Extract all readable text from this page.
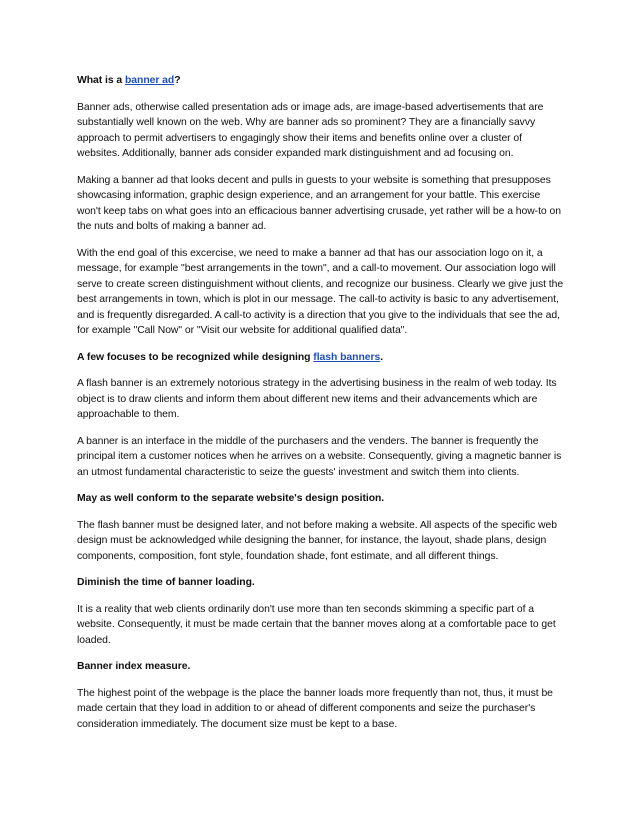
What is a banner ad?

Banner ads, otherwise called presentation ads or image ads, are image-based advertisements that are substantially well known on the web. Why are banner ads so prominent? They are a financially savvy approach to permit advertisers to engagingly show their items and benefits online over a cluster of websites. Additionally, banner ads consider expanded mark distinguishment and ad focusing on.

Making a banner ad that looks decent and pulls in guests to your website is something that presupposes showcasing information, graphic design experience, and an arrangement for your battle. This exercise won't keep tabs on what goes into an efficacious banner advertising crusade, yet rather will be a how-to on the nuts and bolts of making a banner ad.

With the end goal of this excercise, we need to make a banner ad that has our association logo on it, a message, for example "best arrangements in the town", and a call-to movement. Our association logo will serve to create screen distinguishment without clients, and recognize our business. Clearly we give just the best arrangements in town, which is plot in our message. The call-to activity is basic to any advertisement, and is frequently disregarded. A call-to activity is a direction that you give to the individuals that see the ad, for example "Call Now" or "Visit our website for additional qualified data".

A few focuses to be recognized while designing flash banners.

A flash banner is an extremely notorious strategy in the advertising business in the realm of web today. Its object is to draw clients and inform them about different new items and their advancements which are approachable to them.

A banner is an interface in the middle of the purchasers and the venders. The banner is frequently the principal item a customer notices when he arrives on a website. Consequently, giving a magnetic banner is an utmost fundamental characteristic to seize the guests' investment and switch them into clients.

May as well conform to the separate website's design position.

The flash banner must be designed later, and not before making a website. All aspects of the specific web design must be acknowledged while designing the banner, for instance, the layout, shade plans, design components, composition, font style, foundation shade, font estimate, and all different things.

Diminish the time of banner loading.

It is a reality that web clients ordinarily don't use more than ten seconds skimming a specific part of a website. Consequently, it must be made certain that the banner moves along at a comfortable pace to get loaded.

Banner index measure.

The highest point of the webpage is the place the banner loads more frequently than not, thus, it must be made certain that they load in addition to or ahead of different components and seize the purchaser's consideration immediately. The document size must be kept to a base.
